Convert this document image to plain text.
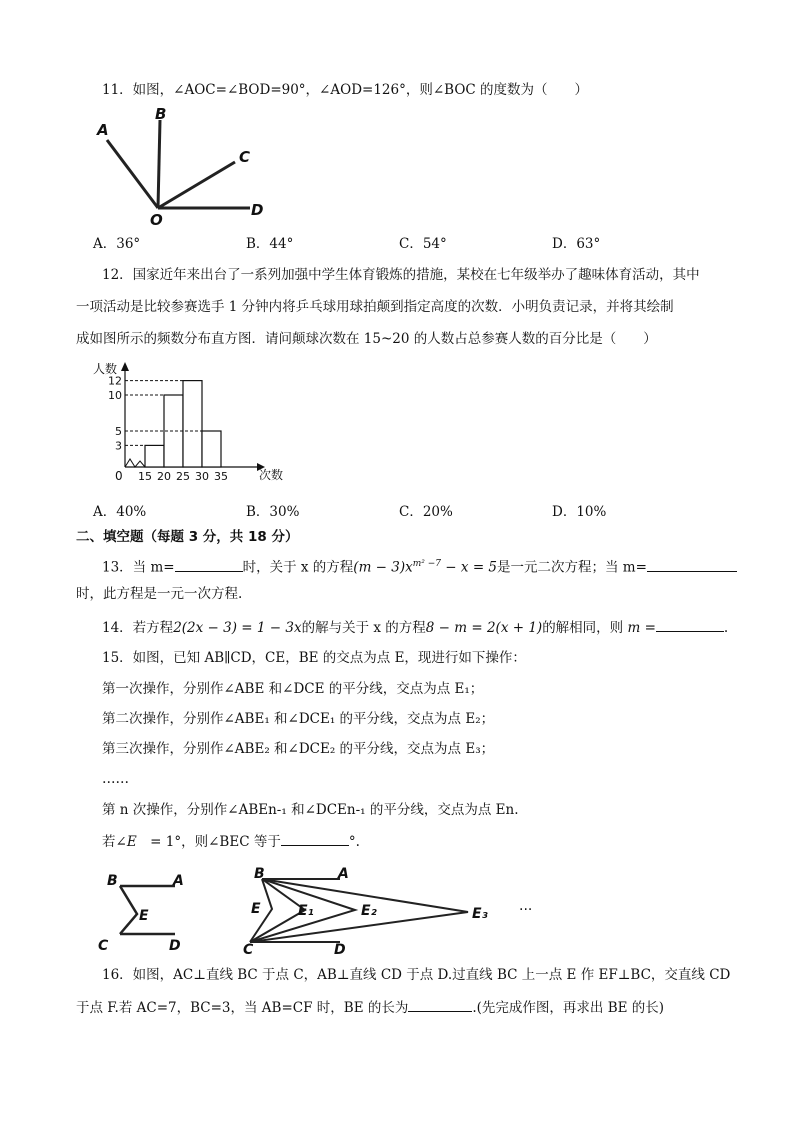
11．如图，∠AOC=∠BOD=90°，∠AOD=126°，则∠BOC 的度数为（　　）
A
B
C
D
O
A．36°	B．44°	C．54°	D．63°
12．国家近年来出台了一系列加强中学生体育锻炼的措施，某校在七年级举办了趣味体育活动，其中
一项活动是比较参赛选手 1 分钟内将乒乓球用球拍颠到指定高度的次数．小明负责记录，并将其绘制
成如图所示的频数分布直方图．请问颠球次数在 15~20 的人数占总参赛人数的百分比是（　　）
人数
次数
0
3
5
10
12
15 20 25 30 35
A．40%	B．30%	C．20%	D．10%
二、填空题（每题 3 分，共 18 分）
13．当 m=	时，关于 x 的方程$(m - 3)x^{m^2 -7} - x = 5$是一元二次方程；当 m=
时，此方程是一元一次方程.
14．若方程2(2x − 3) = 1 − 3x的解与关于 x 的方程8 − m = 2(x + 1)的解相同，则 m =	.
15．如图，已知 AB∥CD，CE，BE 的交点为点 E，现进行如下操作：
第一次操作，分别作∠ABE 和∠DCE 的平分线，交点为点 E₁；
第二次操作，分别作∠ABE₁ 和∠DCE₁ 的平分线，交点为点 E₂；
第三次操作，分别作∠ABE₂ 和∠DCE₂ 的平分线，交点为点 E₃；
……
第 n 次操作，分别作∠ABEn-₁ 和∠DCEn-₁ 的平分线，交点为点 En.
若∠E　= 1°，则∠BEC 等于	°.
B	A
E
C	D
B	A
E	E₁	E₂	E₃
C	D
···
16．如图，AC⊥直线 BC 于点 C，AB⊥直线 CD 于点 D.过直线 BC 上一点 E 作 EF⊥BC，交直线 CD
于点 F.若 AC=7，BC=3，当 AB=CF 时，BE 的长为	.(先完成作图，再求出 BE 的长)
